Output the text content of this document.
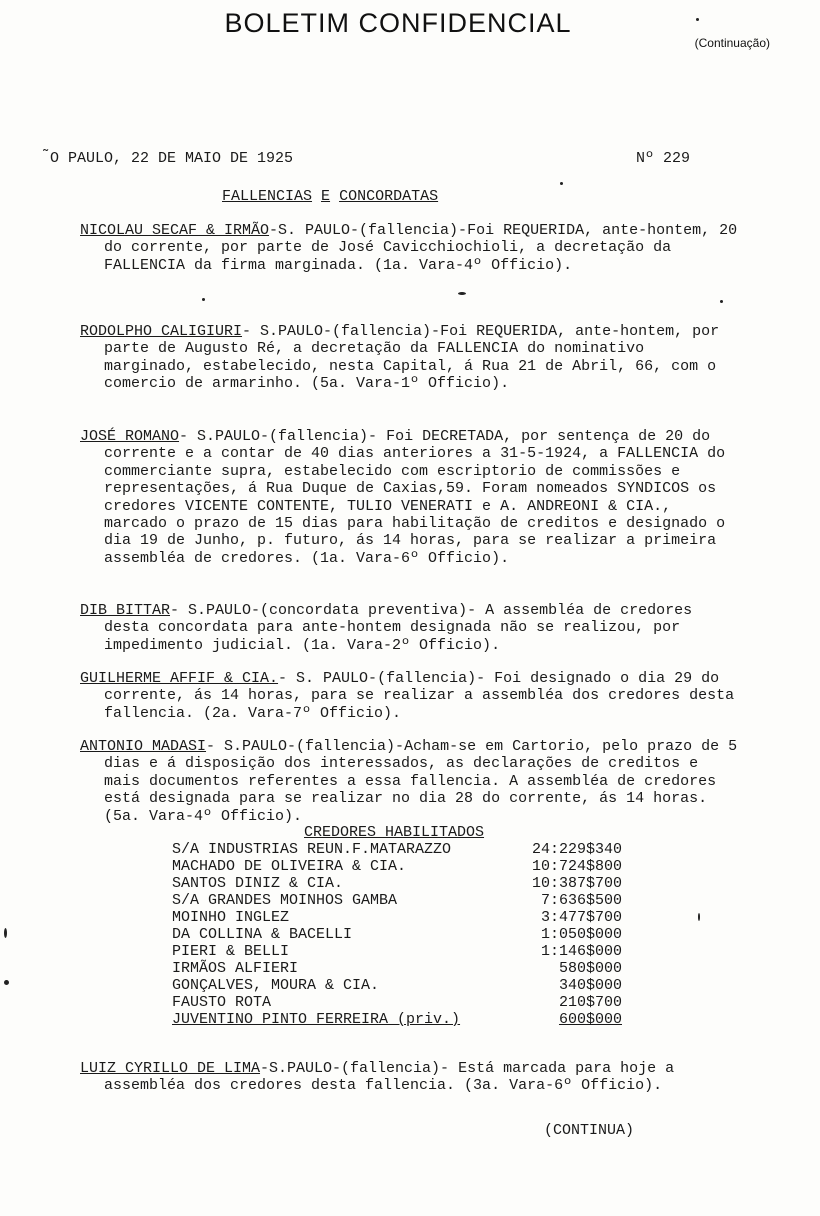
BOLETIM CONFIDENCIAL
(Continuação)
̃O PAULO, 22 DE MAIO DE 1925	Nº 229
FALLENCIAS E CONCORDATAS

NICOLAU SECAF & IRMÃO-S. PAULO-(fallencia)-Foi REQUERIDA, ante-hontem, 20 do corrente, por parte de José Cavicchiochioli, a decretação da FALLENCIA da firma marginada. (1a. Vara-4º Officio).

RODOLPHO CALIGIURI- S.PAULO-(fallencia)-Foi REQUERIDA, ante-hontem, por parte de Augusto Ré, a decretação da FALLENCIA do nominativo marginado, estabelecido, nesta Capital, á Rua 21 de Abril, 66, com o comercio de armarinho. (5a. Vara-1º Officio).

JOSÉ ROMANO- S.PAULO-(fallencia)- Foi DECRETADA, por sentença de 20 do corrente e a contar de 40 dias anteriores a 31-5-1924, a FALLENCIA do commerciante supra, estabelecido com escriptorio de commissões e representações, á Rua Duque de Caxias,59. Foram nomeados SYNDICOS os credores VICENTE CONTENTE, TULIO VENERATI e A. ANDREONI & CIA., marcado o prazo de 15 dias para habilitação de creditos e designado o dia 19 de Junho, p. futuro, ás 14 horas, para se realizar a primeira assembléa de credores. (1a. Vara-6º Officio).

DIB BITTAR- S.PAULO-(concordata preventiva)- A assembléa de credores desta concordata para ante-hontem designada não se realizou, por impedimento judicial. (1a. Vara-2º Officio).

GUILHERME AFFIF & CIA.- S. PAULO-(fallencia)- Foi designado o dia 29 do corrente, ás 14 horas, para se realizar a assembléa dos credores desta fallencia. (2a. Vara-7º Officio).

ANTONIO MADASI- S.PAULO-(fallencia)-Acham-se em Cartorio, pelo prazo de 5 dias e á disposição dos interessados, as declarações de creditos e mais documentos referentes a essa fallencia. A assembléa de credores está designada para se realizar no dia 28 do corrente, ás 14 horas. (5a. Vara-4º Officio).

CREDORES HABILITADOS
S/A INDUSTRIAS REUN.F.MATARAZZO	24:229$340
MACHADO DE OLIVEIRA & CIA.	10:724$800
SANTOS DINIZ & CIA.	10:387$700
S/A GRANDES MOINHOS GAMBA	7:636$500
MOINHO INGLEZ	3:477$700
DA COLLINA & BACELLI	1:050$000
PIERI & BELLI	1:146$000
IRMÃOS ALFIERI	580$000
GONÇALVES, MOURA & CIA.	340$000
FAUSTO ROTA	210$700
JUVENTINO PINTO FERREIRA (priv.)	600$000

LUIZ CYRILLO DE LIMA-S.PAULO-(fallencia)- Está marcada para hoje a assembléa dos credores desta fallencia. (3a. Vara-6º Officio).

(CONTINUA)
